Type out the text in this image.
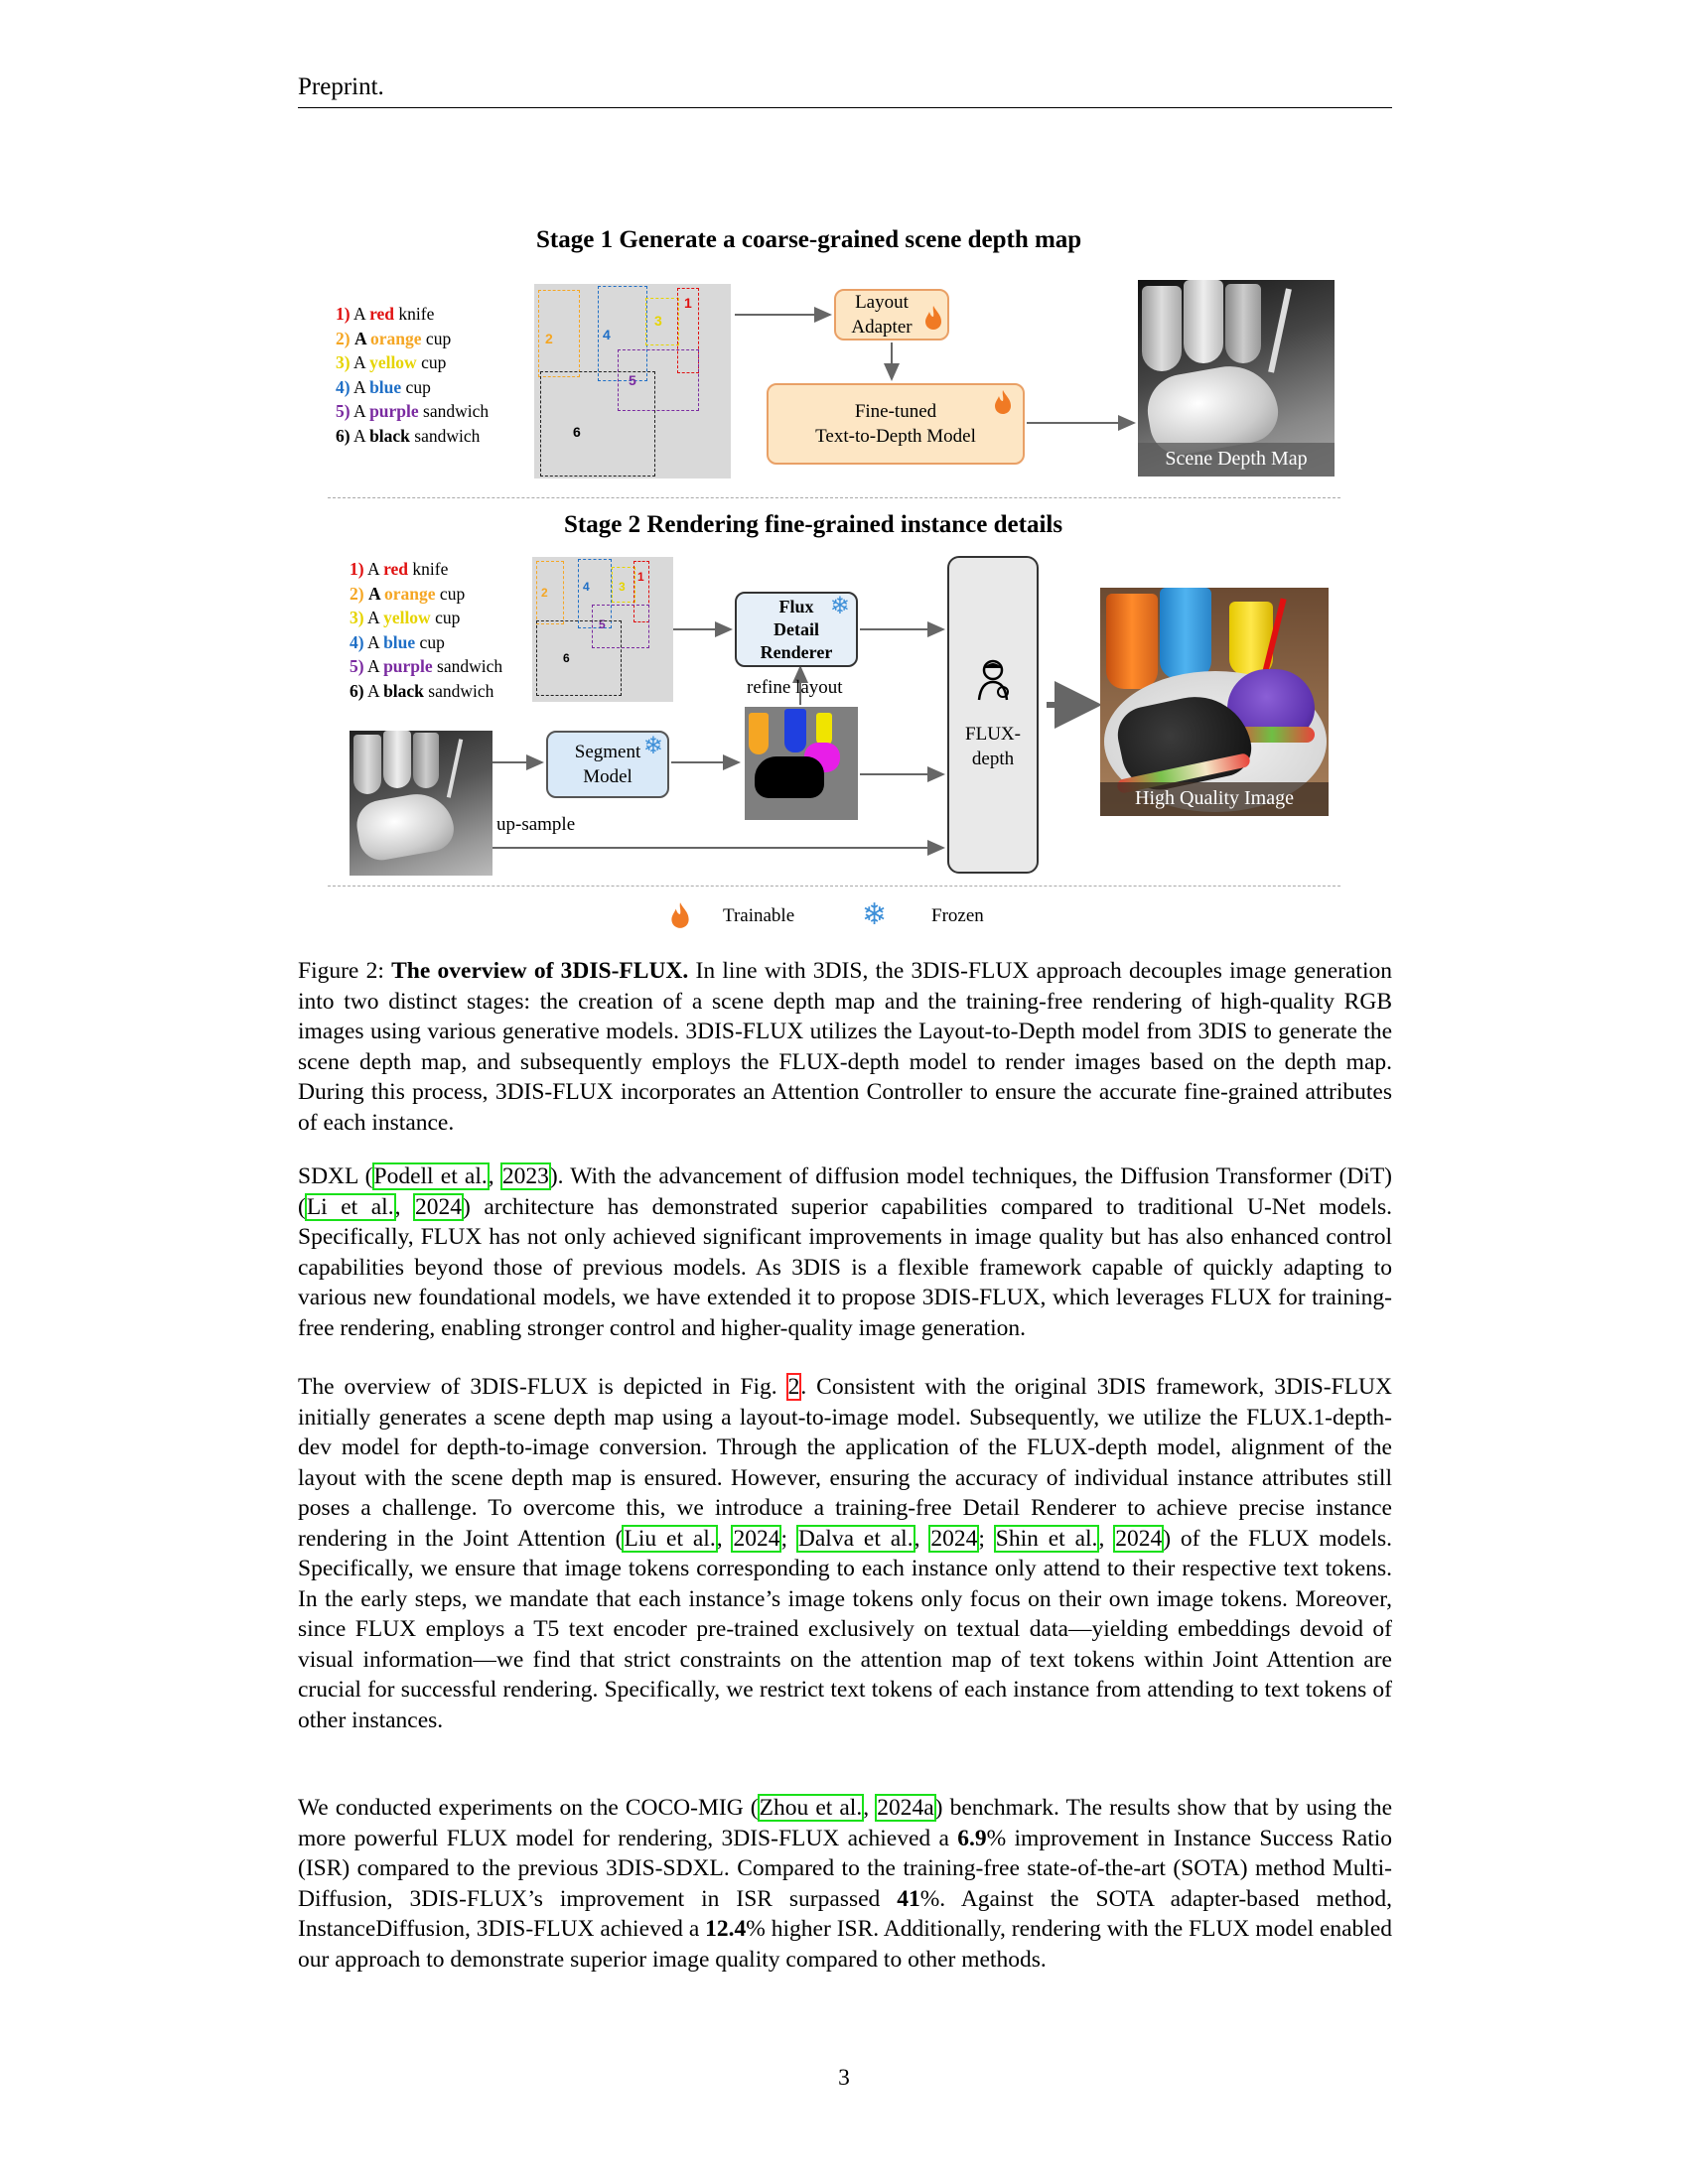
Preprint.
Stage 1 Generate a coarse-grained scene depth map
1) A red knife
2) A orange cup
3) A yellow cup
4) A blue cup
5) A purple sandwich
6) A black sandwich
2	4
3
1
5
6
Layout Adapter
Fine-tuned
Text-to-Depth Model
Scene Depth Map
Stage 2 Rendering fine-grained instance details
1) A red knife
2) A orange cup
3) A yellow cup
4) A blue cup
5) A purple sandwich
6) A black sandwich
2	4	3
1
5
6
Flux
Detail
Renderer
❄
refine layout
Segment
Model
❄
up-sample
FLUX-
depth
High Quality Image
Trainable ❄ Frozen
Figure 2: The overview of 3DIS-FLUX. In line with 3DIS, the 3DIS-FLUX approach decouples image generation into two distinct stages: the creation of a scene depth map and the training-free rendering of high-quality RGB images using various generative models. 3DIS-FLUX utilizes the Layout-to-Depth model from 3DIS to generate the scene depth map, and subsequently employs the FLUX-depth model to render images based on the depth map. During this process, 3DIS-FLUX incorporates an Attention Controller to ensure the accurate fine-grained attributes of each instance.
SDXL (Podell et al., 2023). With the advancement of diffusion model techniques, the Diffusion Transformer (DiT) (Li et al., 2024) architecture has demonstrated superior capabilities compared to traditional U-Net models. Specifically, FLUX has not only achieved significant improvements in image quality but has also enhanced control capabilities beyond those of previous models. As 3DIS is a flexible framework capable of quickly adapting to various new foundational models, we have extended it to propose 3DIS-FLUX, which leverages FLUX for training-free rendering, enabling stronger control and higher-quality image generation.
The overview of 3DIS-FLUX is depicted in Fig. 2. Consistent with the original 3DIS framework, 3DIS-FLUX initially generates a scene depth map using a layout-to-image model. Subsequently, we utilize the FLUX.1-depth-dev model for depth-to-image conversion. Through the application of the FLUX-depth model, alignment of the layout with the scene depth map is ensured. However, ensuring the accuracy of individual instance attributes still poses a challenge. To overcome this, we introduce a training-free Detail Renderer to achieve precise instance rendering in the Joint Attention (Liu et al., 2024; Dalva et al., 2024; Shin et al., 2024) of the FLUX models. Specifically, we ensure that image tokens corresponding to each instance only attend to their respective text tokens. In the early steps, we mandate that each instance’s image tokens only focus on their own image tokens. Moreover, since FLUX employs a T5 text encoder pre-trained exclusively on textual data—yielding embeddings devoid of visual information—we find that strict constraints on the attention map of text tokens within Joint Attention are crucial for successful rendering. Specifically, we restrict text tokens of each instance from attending to text tokens of other instances.
We conducted experiments on the COCO-MIG (Zhou et al., 2024a) benchmark. The results show that by using the more powerful FLUX model for rendering, 3DIS-FLUX achieved a 6.9% improvement in Instance Success Ratio (ISR) compared to the previous 3DIS-SDXL. Compared to the training-free state-of-the-art (SOTA) method Multi-Diffusion, 3DIS-FLUX’s improvement in ISR surpassed 41%. Against the SOTA adapter-based method, InstanceDiffusion, 3DIS-FLUX achieved a 12.4% higher ISR. Additionally, rendering with the FLUX model enabled our approach to demonstrate superior image quality compared to other methods.
3
